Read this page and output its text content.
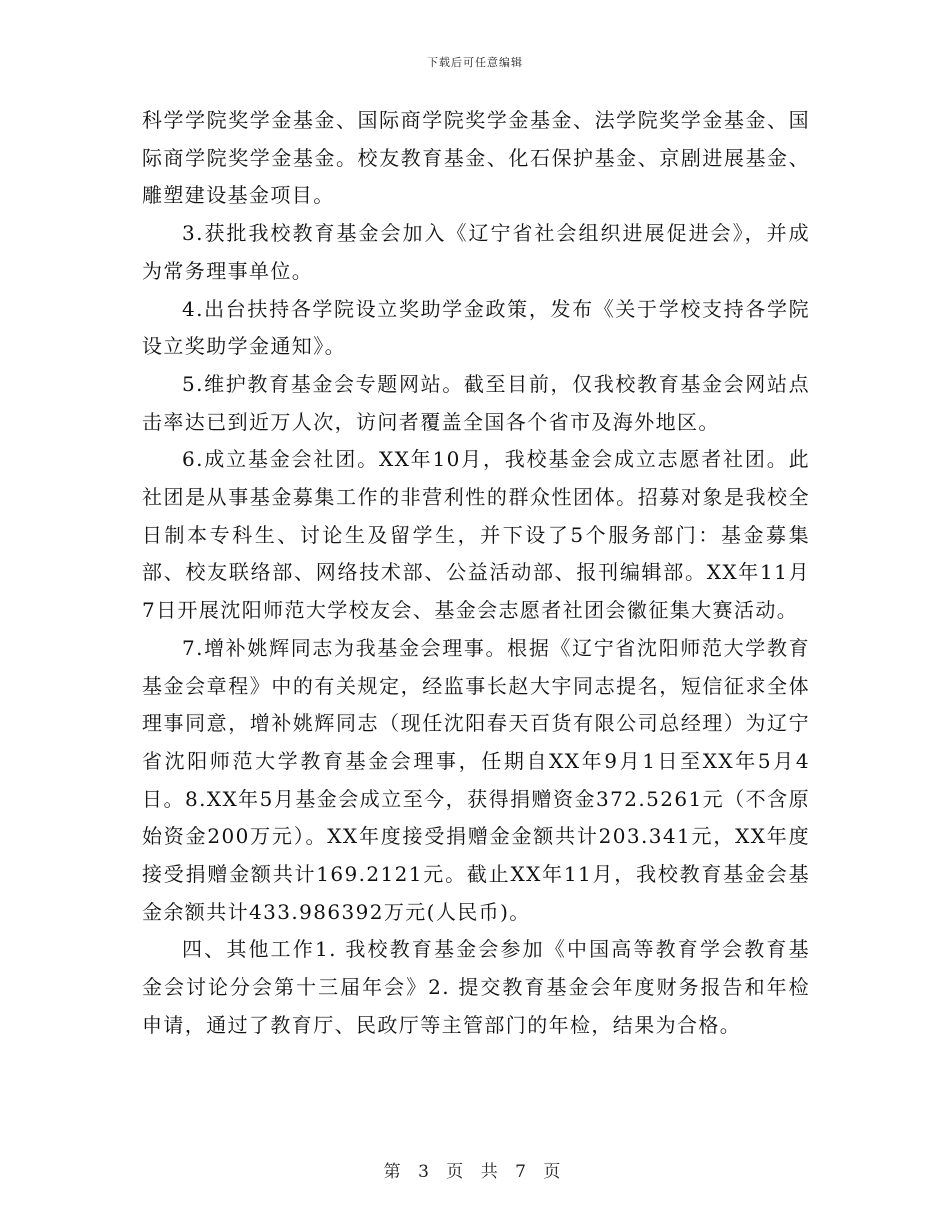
下载后可任意编辑

科学学院奖学金基金、国际商学院奖学金基金、法学院奖学金基金、国际商学院奖学金基金。校友教育基金、化石保护基金、京剧进展基金、雕塑建设基金项目。

3.获批我校教育基金会加入《辽宁省社会组织进展促进会》，并成为常务理事单位。

4.出台扶持各学院设立奖助学金政策，发布《关于学校支持各学院设立奖助学金通知》。

5.维护教育基金会专题网站。截至目前，仅我校教育基金会网站点击率达已到近万人次，访问者覆盖全国各个省市及海外地区。

6.成立基金会社团。XX年10月，我校基金会成立志愿者社团。此社团是从事基金募集工作的非营利性的群众性团体。招募对象是我校全日制本专科生、讨论生及留学生，并下设了5个服务部门：基金募集部、校友联络部、网络技术部、公益活动部、报刊编辑部。XX年11月7日开展沈阳师范大学校友会、基金会志愿者社团会徽征集大赛活动。

7.增补姚辉同志为我基金会理事。根据《辽宁省沈阳师范大学教育基金会章程》中的有关规定，经监事长赵大宇同志提名，短信征求全体理事同意，增补姚辉同志（现任沈阳春天百货有限公司总经理）为辽宁省沈阳师范大学教育基金会理事，任期自XX年9月1日至XX年5月4日。8.XX年5月基金会成立至今，获得捐赠资金372.5261元（不含原始资金200万元）。XX年度接受捐赠金金额共计203.341元，XX年度接受捐赠金额共计169.2121元。截止XX年11月，我校教育基金会基金余额共计433.986392万元(人民币)。

四、其他工作1. 我校教育基金会参加《中国高等教育学会教育基金会讨论分会第十三届年会》2. 提交教育基金会年度财务报告和年检申请，通过了教育厅、民政厅等主管部门的年检，结果为合格。

第 3 页 共 7 页
